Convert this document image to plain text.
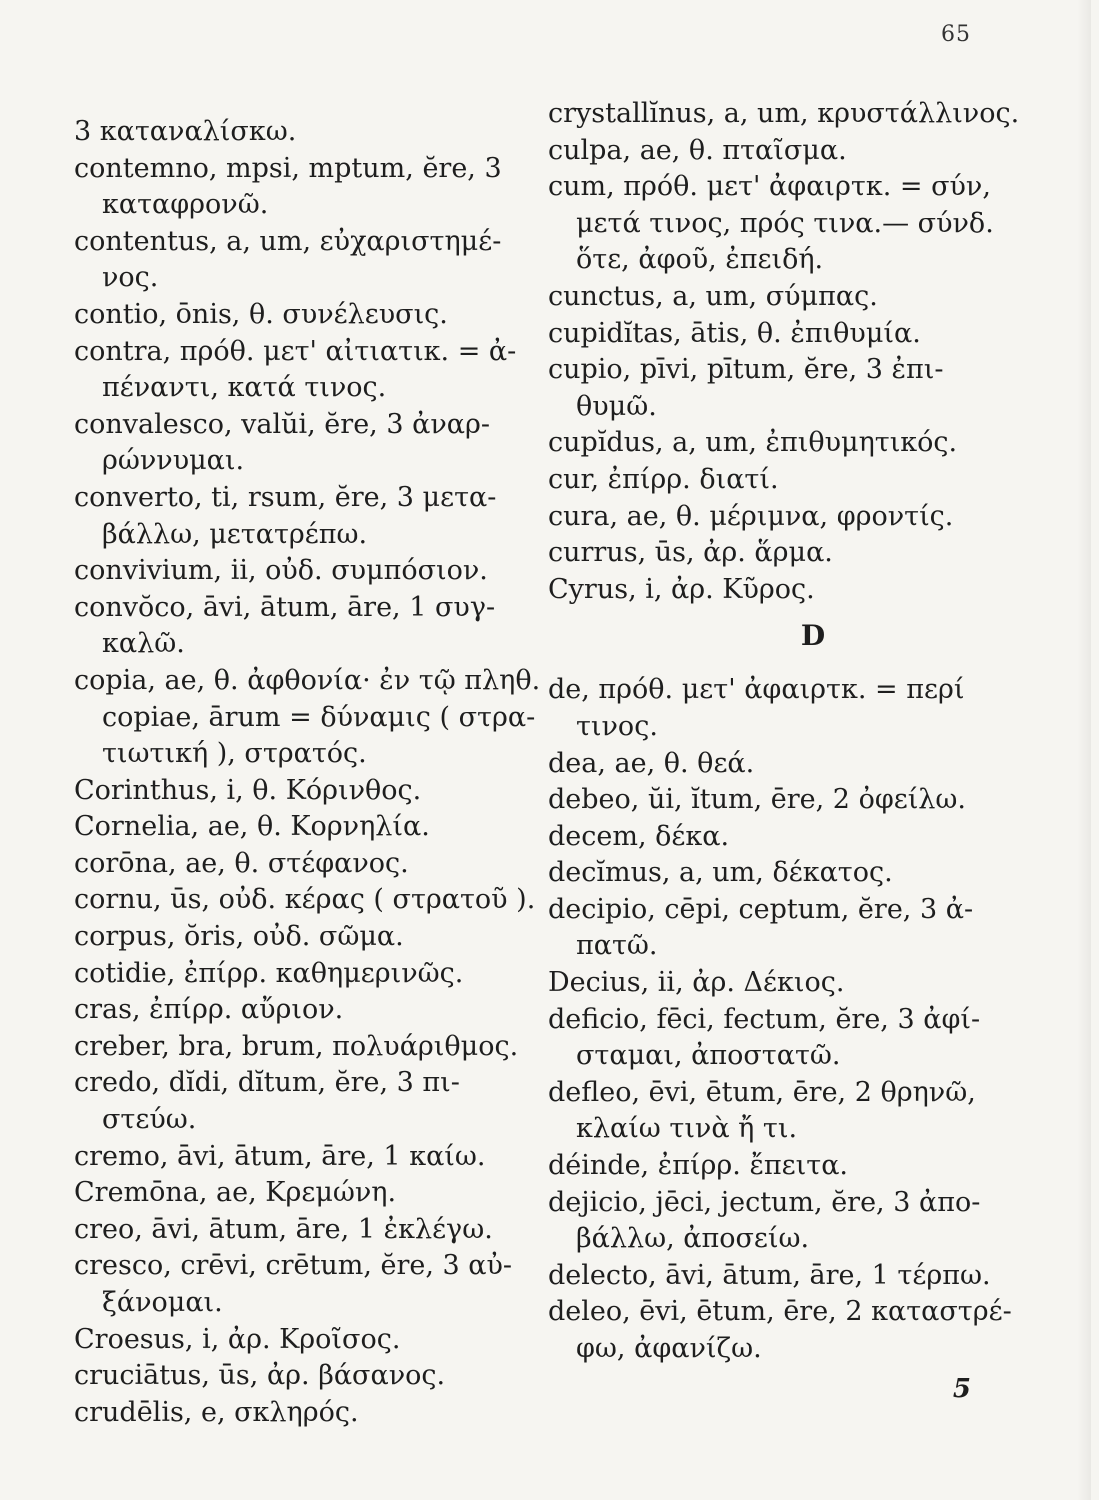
65
3 καταναλίσκω.
contemno, mpsi, mptum, ĕre, 3
καταφρονῶ.
contentus, a, um, εὐχαριστημέ-
νος.
contio, ōnis, θ. συνέλευσις.
contra, πρόθ. μετ' αἰτιατικ. = ἀ-
πέναντι, κατά τινος.
convalesco, valŭi, ĕre, 3 ἀναρ-
ρώννυμαι.
converto, ti, rsum, ĕre, 3 μετα-
βάλλω, μετατρέπω.
convivium, ii, οὐδ. συμπόσιον.
convŏco, āvi, ātum, āre, 1 συγ-
καλῶ.
copia, ae, θ. ἀφθονία· ἐν τῷ πληθ.
copiae, ārum = δύναμις ( στρα-
τιωτική ), στρατός.
Corinthus, i, θ. Κόρινθος.
Cornelia, ae, θ. Κορνηλία.
corōna, ae, θ. στέφανος.
cornu, ūs, οὐδ. κέρας ( στρατοῦ ).
corpus, ŏris, οὐδ. σῶμα.
cotidie, ἐπίρρ. καθημερινῶς.
cras, ἐπίρρ. αὔριον.
creber, bra, brum, πολυάριθμος.
credo, dĭdi, dĭtum, ĕre, 3 πι-
στεύω.
cremo, āvi, ātum, āre, 1 καίω.
Cremōna, ae, Κρεμώνη.
creo, āvi, ātum, āre, 1 ἐκλέγω.
cresco, crēvi, crētum, ĕre, 3 αὐ-
ξάνομαι.
Croesus, i, ἀρ. Κροῖσος.
cruciātus, ūs, ἀρ. βάσανος.
crudēlis, e, σκληρός.
crystallĭnus, a, um, κρυστάλλινος.
culpa, ae, θ. πταῖσμα.
cum, πρόθ. μετ' ἀφαιρτκ. = σύν,
μετά τινος, πρός τινα.— σύνδ.
ὅτε, ἀφοῦ, ἐπειδή.
cunctus, a, um, σύμπας.
cupidĭtas, ātis, θ. ἐπιθυμία.
cupio, pīvi, pītum, ĕre, 3 ἐπι-
θυμῶ.
cupĭdus, a, um, ἐπιθυμητικός.
cur, ἐπίρρ. διατί.
cura, ae, θ. μέριμνα, φροντίς.
currus, ūs, ἀρ. ἅρμα.
Cyrus, i, ἀρ. Κῦρος.
D
de, πρόθ. μετ' ἀφαιρτκ. = περί
τινος.
dea, ae, θ. θεά.
debeo, ŭi, ĭtum, ēre, 2 ὀφείλω.
decem, δέκα.
decĭmus, a, um, δέκατος.
decipio, cēpi, ceptum, ĕre, 3 ἀ-
πατῶ.
Decius, ii, ἀρ. Δέκιος.
deficio, fēci, fectum, ĕre, 3 ἀφί-
σταμαι, ἀποστατῶ.
defleo, ēvi, ētum, ēre, 2 θρηνῶ,
κλαίω τινὰ ἤ τι.
déinde, ἐπίρρ. ἔπειτα.
dejicio, jēci, jectum, ĕre, 3 ἀπο-
βάλλω, ἀποσείω.
delecto, āvi, ātum, āre, 1 τέρπω.
deleo, ēvi, ētum, ēre, 2 καταστρέ-
φω, ἀφανίζω.
5
